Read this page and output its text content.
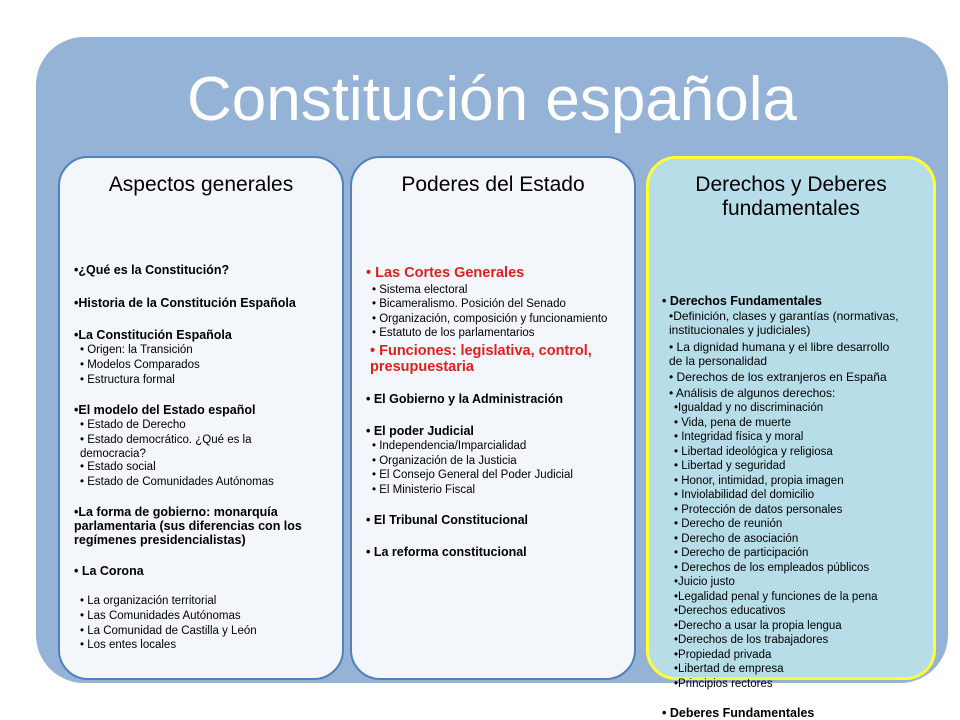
Constitución española
Aspectos generales
•¿Qué es la Constitución?
•Historia de la Constitución Española
•La Constitución Española
• Origen: la Transición
• Modelos Comparados
• Estructura formal
•El modelo del Estado español
• Estado de Derecho
• Estado democrático. ¿Qué es la democracia?
• Estado social
• Estado de Comunidades Autónomas
•La forma de gobierno: monarquía parlamentaria (sus diferencias con los regímenes presidencialistas)
• La Corona
• La organización territorial
• Las Comunidades Autónomas
• La Comunidad de Castilla y León
• Los entes locales
Poderes del Estado
• Las Cortes Generales
• Sistema electoral
• Bicameralismo. Posición del Senado
• Organización, composición y funcionamiento
• Estatuto de los parlamentarios
• Funciones: legislativa, control, presupuestaria
• El Gobierno y la Administración
• El poder Judicial
• Independencia/Imparcialidad
• Organización de la Justicia
• El Consejo General del Poder Judicial
• El Ministerio Fiscal
• El Tribunal Constitucional
• La reforma constitucional
Derechos y Deberes fundamentales
• Derechos Fundamentales
•Definición, clases y garantías (normativas, institucionales y judiciales)
• La dignidad humana y el libre desarrollo de la personalidad
• Derechos de los extranjeros en España
• Análisis de algunos derechos:
•Igualdad y no discriminación
• Vida, pena de muerte
• Integridad física y moral
• Libertad ideológica y religiosa
• Libertad y seguridad
• Honor, intimidad, propia imagen
• Inviolabilidad del domicilio
• Protección de datos personales
• Derecho de reunión
• Derecho de asociación
• Derecho de participación
• Derechos de los empleados públicos
•Juicio justo
•Legalidad penal y funciones de la pena
•Derechos educativos
•Derecho a usar la propia lengua
•Derechos de los trabajadores
•Propiedad privada
•Libertad de empresa
•Principios rectores
• Deberes Fundamentales
